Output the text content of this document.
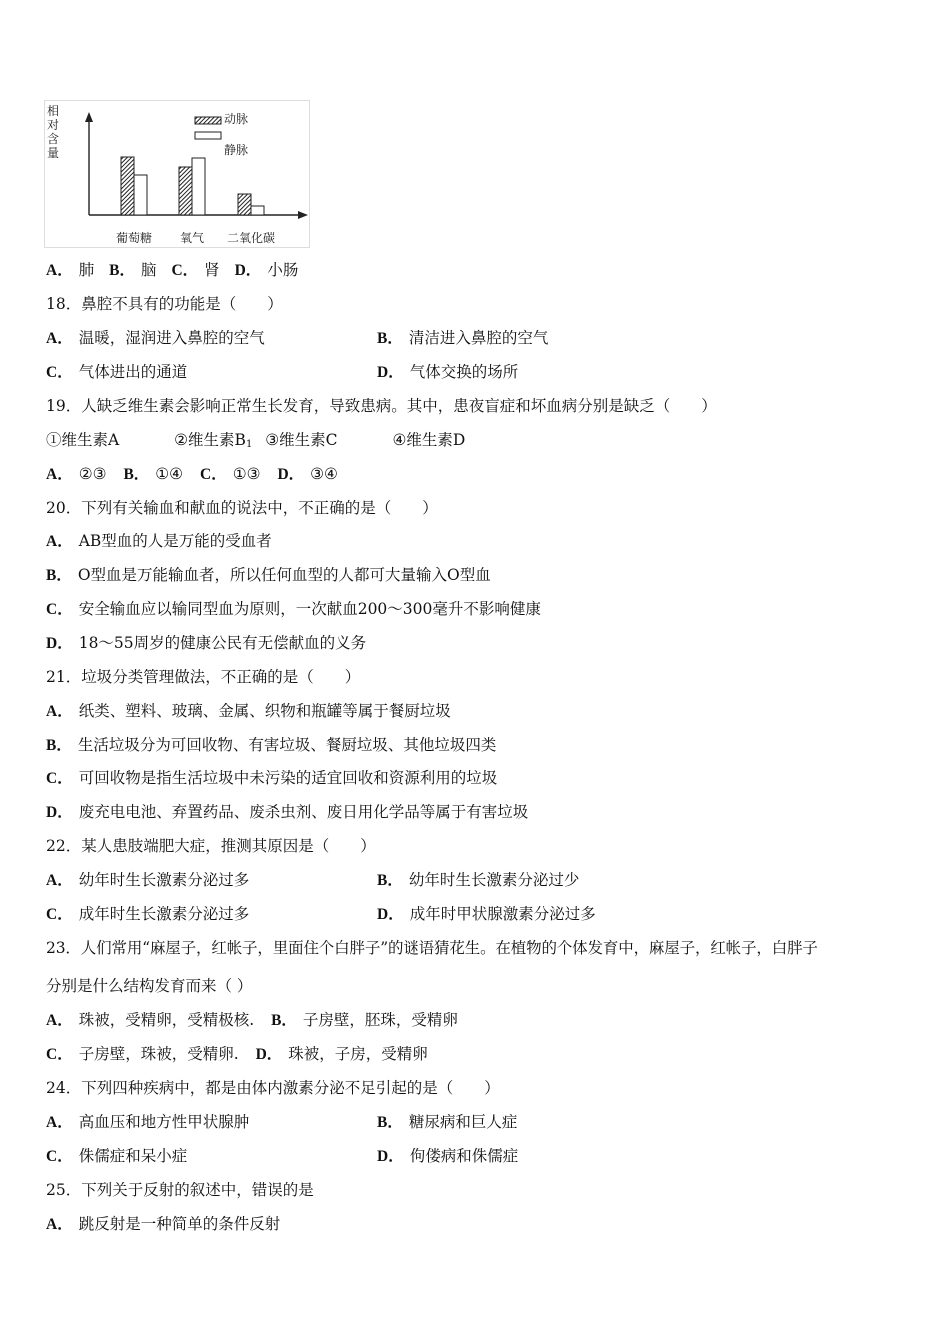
相
对
含
量
动脉
静脉
葡萄糖 氧气 二氧化碳
A． 肺 B． 脑 C． 肾 D． 小肠
18．鼻腔不具有的功能是（　　）
A． 温暖，湿润进入鼻腔的空气	B． 清洁进入鼻腔的空气
C． 气体进出的通道	D． 气体交换的场所
19．人缺乏维生素会影响正常生长发育，导致患病。其中，患夜盲症和坏血病分别是缺乏（　　）
①维生素A	②维生素$B_1$ ③维生素C	④维生素D
A． ②③ B． ①④ C． ①③ D． ③④
20．下列有关输血和献血的说法中，不正确的是（　　）
A． AB型血的人是万能的受血者
B． O型血是万能输血者，所以任何血型的人都可大量输入O型血
C． 安全输血应以输同型血为原则，一次献血200～300毫升不影响健康
D． 18～55周岁的健康公民有无偿献血的义务
21．垃圾分类管理做法，不正确的是（　　）
A． 纸类、塑料、玻璃、金属、织物和瓶罐等属于餐厨垃圾
B． 生活垃圾分为可回收物、有害垃圾、餐厨垃圾、其他垃圾四类
C． 可回收物是指生活垃圾中未污染的适宜回收和资源利用的垃圾
D． 废充电电池、弃置药品、废杀虫剂、废日用化学品等属于有害垃圾
22．某人患肢端肥大症，推测其原因是（　　）
A． 幼年时生长激素分泌过多	B． 幼年时生长激素分泌过少
C． 成年时生长激素分泌过多	D． 成年时甲状腺激素分泌过多
23．人们常用“麻屋子，红帐子，里面住个白胖子”的谜语猜花生。在植物的个体发育中，麻屋子，红帐子，白胖子
分别是什么结构发育而来（ ）
A． 珠被，受精卵，受精极核. B． 子房壁，胚珠，受精卵
C． 子房壁，珠被，受精卵. D． 珠被，子房，受精卵
24．下列四种疾病中，都是由体内激素分泌不足引起的是（　　）
A． 高血压和地方性甲状腺肿	B． 糖尿病和巨人症
C． 侏儒症和呆小症	D． 佝偻病和侏儒症
25．下列关于反射的叙述中，错误的是
A． 跳反射是一种简单的条件反射
